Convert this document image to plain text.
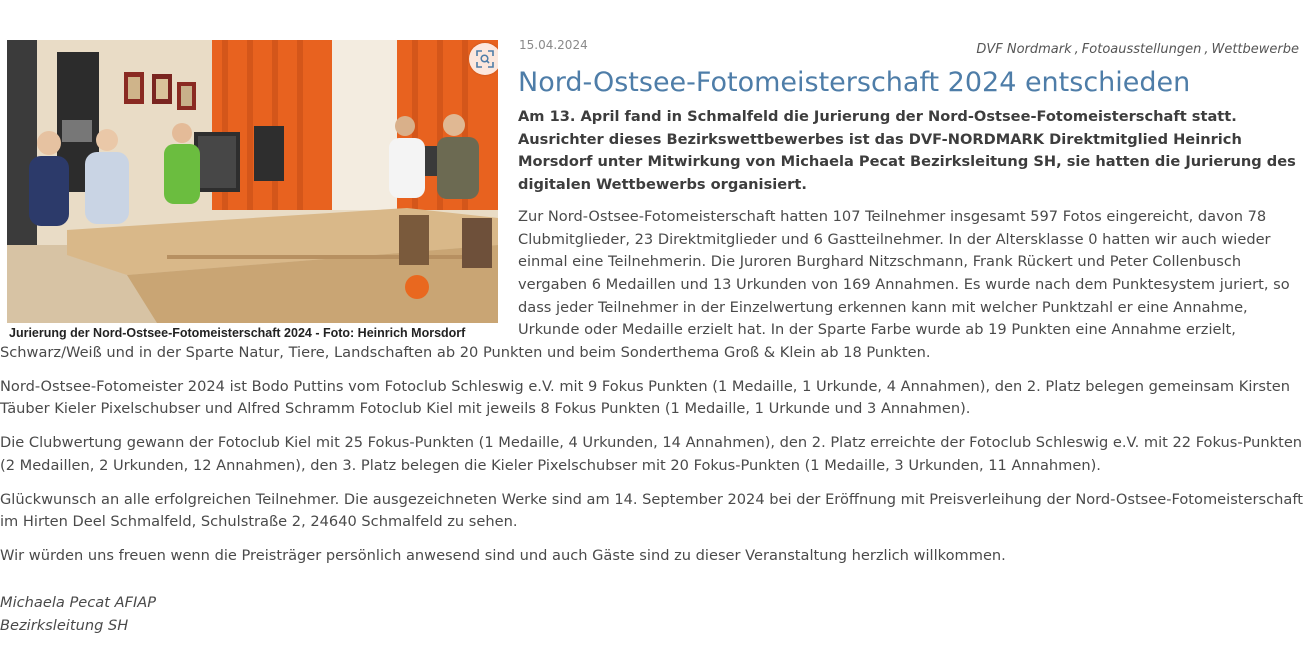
Jurierung der Nord-Ostsee-Fotomeisterschaft 2024 - Foto: Heinrich Morsdorf
15.04.2024	DVF Nordmark , Fotoausstellungen , Wettbewerbe
Nord-Ostsee-Fotomeisterschaft 2024 entschieden

Am 13. April fand in Schmalfeld die Jurierung der Nord-Ostsee-Fotomeisterschaft statt. Ausrichter dieses Bezirkswettbewerbes ist das DVF-NORDMARK Direktmitglied Heinrich Morsdorf unter Mitwirkung von Michaela Pecat Bezirksleitung SH, sie hatten die Jurierung des digitalen Wettbewerbs organisiert.

Zur Nord-Ostsee-Fotomeisterschaft hatten 107 Teilnehmer insgesamt 597 Fotos eingereicht, davon 78 Clubmitglieder, 23 Direktmitglieder und 6 Gastteilnehmer. In der Altersklasse 0 hatten wir auch wieder einmal eine Teilnehmerin. Die Juroren Burghard Nitzschmann, Frank Rückert und Peter Collenbusch vergaben 6 Medaillen und 13 Urkunden von 169 Annahmen. Es wurde nach dem Punktesystem juriert, so dass jeder Teilnehmer in der Einzelwertung erkennen kann mit welcher Punktzahl er eine Annahme, Urkunde oder Medaille erzielt hat. In der Sparte Farbe wurde ab 19 Punkten eine Annahme erzielt, Schwarz/Weiß und in der Sparte Natur, Tiere, Landschaften ab 20 Punkten und beim Sonderthema Groß & Klein ab 18 Punkten.

Nord-Ostsee-Fotomeister 2024 ist Bodo Puttins vom Fotoclub Schleswig e.V. mit 9 Fokus Punkten (1 Medaille, 1 Urkunde, 4 Annahmen), den 2. Platz belegen gemeinsam Kirsten Täuber Kieler Pixelschubser und Alfred Schramm Fotoclub Kiel mit jeweils 8 Fokus Punkten (1 Medaille, 1 Urkunde und 3 Annahmen).

Die Clubwertung gewann der Fotoclub Kiel mit 25 Fokus-Punkten (1 Medaille, 4 Urkunden, 14 Annahmen), den 2. Platz erreichte der Fotoclub Schleswig e.V. mit 22 Fokus-Punkten (2 Medaillen, 2 Urkunden, 12 Annahmen), den 3. Platz belegen die Kieler Pixelschubser mit 20 Fokus-Punkten (1 Medaille, 3 Urkunden, 11 Annahmen).

Glückwunsch an alle erfolgreichen Teilnehmer. Die ausgezeichneten Werke sind am 14. September 2024 bei der Eröffnung mit Preisverleihung der Nord-Ostsee-Fotomeisterschaft im Hirten Deel Schmalfeld, Schulstraße 2, 24640 Schmalfeld zu sehen.

Wir würden uns freuen wenn die Preisträger persönlich anwesend sind und auch Gäste sind zu dieser Veranstaltung herzlich willkommen.

Michaela Pecat AFIAP
Bezirksleitung SH
